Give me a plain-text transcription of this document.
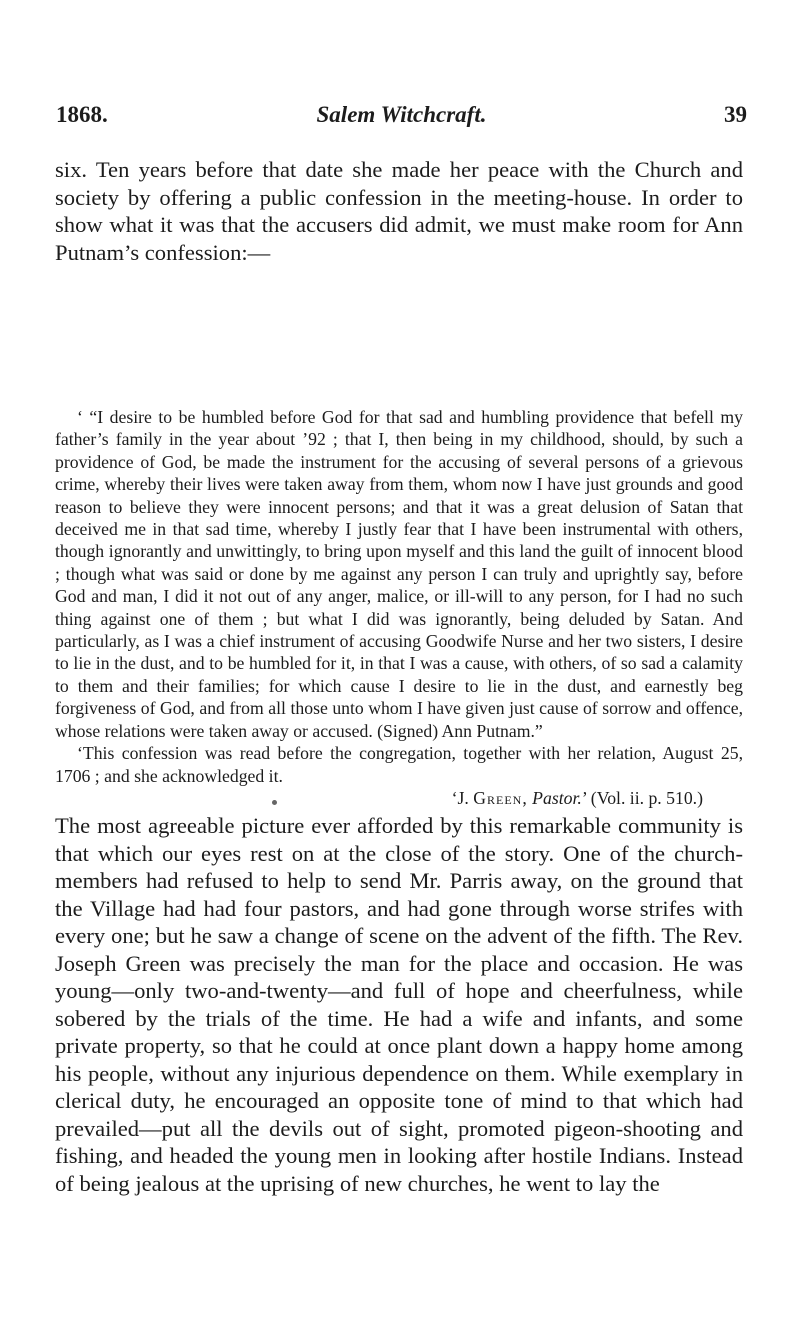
1868.	Salem Witchcraft.	39

six. Ten years before that date she made her peace with the Church and society by offering a public confession in the meeting-house. In order to show what it was that the accusers did admit, we must make room for Ann Putnam’s confession:—

‘ “I desire to be humbled before God for that sad and humbling providence that befell my father’s family in the year about ’92 ; that I, then being in my childhood, should, by such a providence of God, be made the instrument for the accusing of several persons of a grievous crime, whereby their lives were taken away from them, whom now I have just grounds and good reason to believe they were innocent persons; and that it was a great delusion of Satan that deceived me in that sad time, whereby I justly fear that I have been instrumental with others, though ignorantly and unwittingly, to bring upon myself and this land the guilt of innocent blood ; though what was said or done by me against any person I can truly and uprightly say, before God and man, I did it not out of any anger, malice, or ill-will to any person, for I had no such thing against one of them ; but what I did was ignorantly, being deluded by Satan. And particularly, as I was a chief instrument of accusing Goodwife Nurse and her two sisters, I desire to lie in the dust, and to be humbled for it, in that I was a cause, with others, of so sad a calamity to them and their families; for which cause I desire to lie in the dust, and earnestly beg forgiveness of God, and from all those unto whom I have given just cause of sorrow and offence, whose relations were taken away or accused. (Signed) Ann Putnam.”

‘This confession was read before the congregation, together with her relation, August 25, 1706 ; and she acknowledged it.

‘J. Green, Pastor.’ (Vol. ii. p. 510.)

The most agreeable picture ever afforded by this remarkable community is that which our eyes rest on at the close of the story. One of the church-members had refused to help to send Mr. Parris away, on the ground that the Village had had four pastors, and had gone through worse strifes with every one; but he saw a change of scene on the advent of the fifth. The Rev. Joseph Green was precisely the man for the place and occasion. He was young—only two-and-twenty—and full of hope and cheerfulness, while sobered by the trials of the time. He had a wife and infants, and some private property, so that he could at once plant down a happy home among his people, without any injurious dependence on them. While exemplary in clerical duty, he encouraged an opposite tone of mind to that which had prevailed—put all the devils out of sight, promoted pigeon-shooting and fishing, and headed the young men in looking after hostile Indians. Instead of being jealous at the uprising of new churches, he went to lay the
